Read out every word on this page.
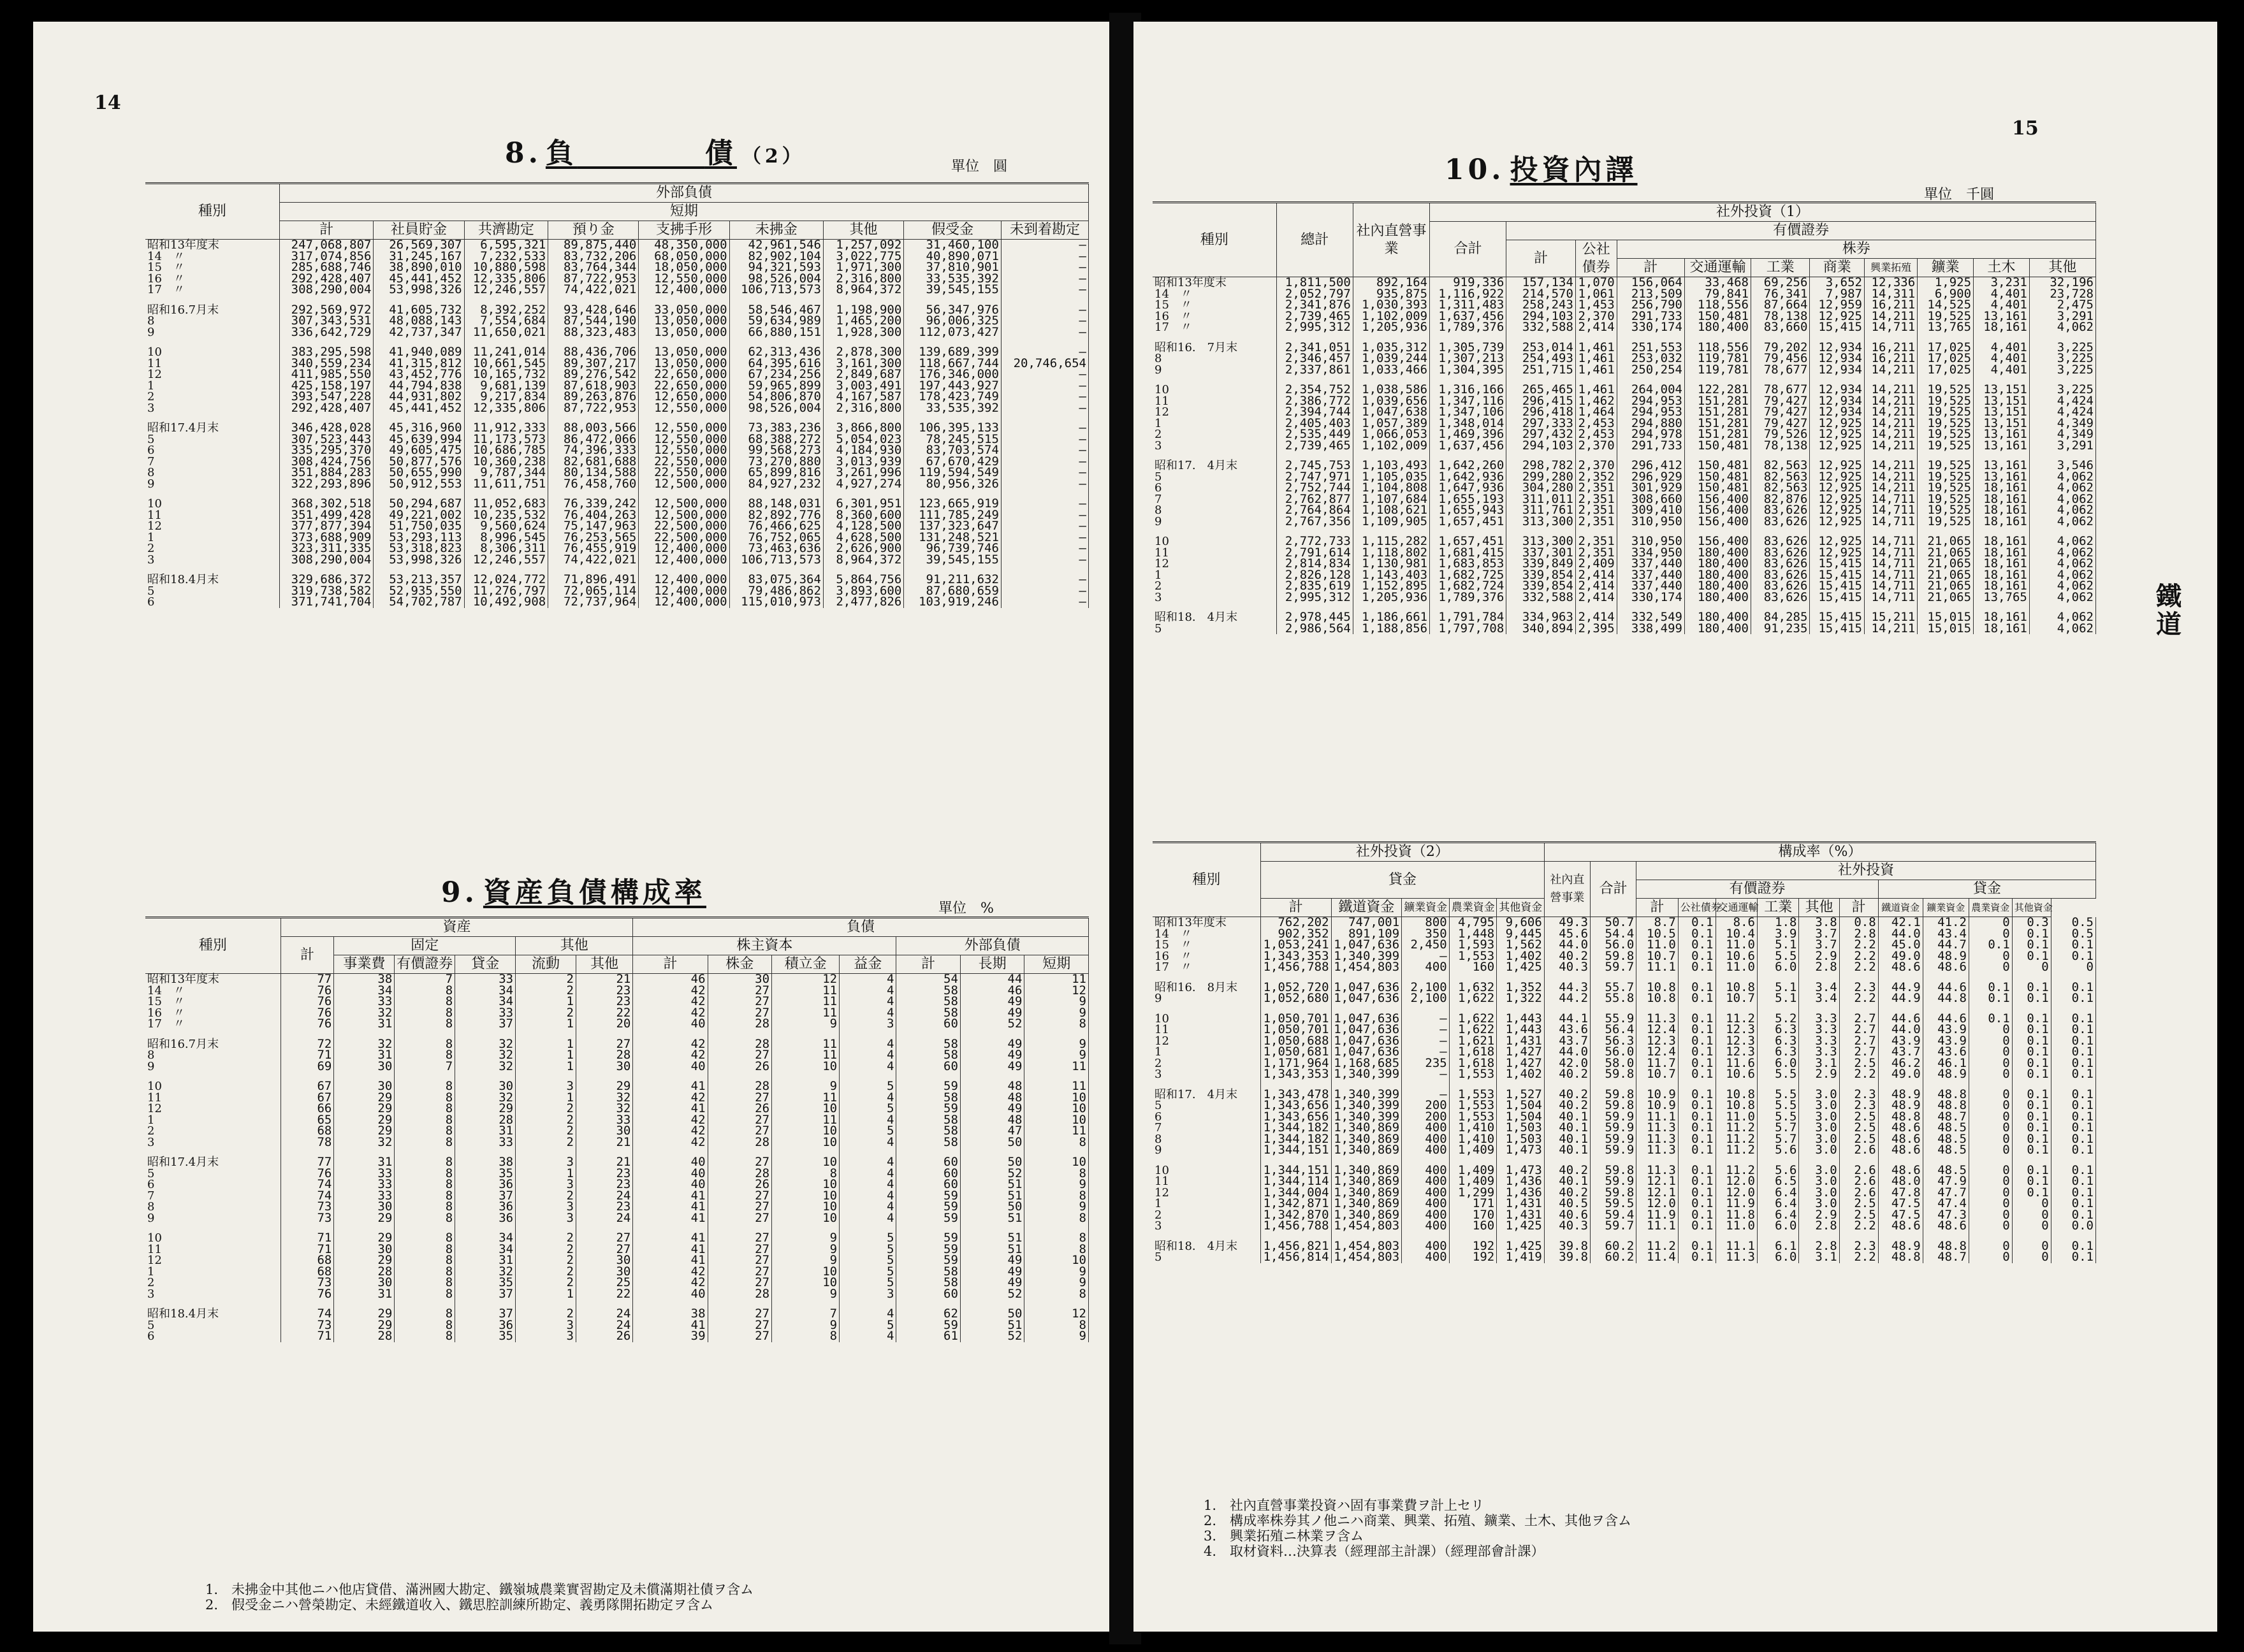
14
8. 負　　　　	債 （2）	單位　圓
種別	外部負債								
	短期								
	計	社員貯金	共濟勘定	預り金	支拂手形	未拂金	其他	假受金	未到着勘定
昭和13年度末	247,068,807	26,569,307	6,595,321	89,875,440	48,350,000	42,961,546	1,257,092	31,460,100	―
14　〃	317,074,856	31,245,167	7,232,533	83,732,206	68,050,000	82,902,104	3,022,775	40,890,071	―
15　〃	285,688,746	38,890,010	10,880,598	83,764,344	18,050,000	94,321,593	1,971,300	37,810,901	―
16　〃	292,428,407	45,441,452	12,335,806	87,722,953	12,550,000	98,526,004	2,316,800	33,535,392	―
17　〃	308,290,004	53,998,326	12,246,557	74,422,021	12,400,000	106,713,573	8,964,372	39,545,155	―

昭和16.7月末	292,569,972	41,605,732	8,392,252	93,428,646	33,050,000	58,546,467	1,198,900	56,347,976	―
8	307,343,531	48,088,143	7,554,684	87,544,190	13,050,000	59,634,989	1,465,200	96,006,325	―
9	336,642,729	42,737,347	11,650,021	88,323,483	13,050,000	66,880,151	1,928,300	112,073,427	―

10	383,295,598	41,940,089	11,241,014	88,436,706	13,050,000	62,313,436	2,878,300	139,689,399	―
11	340,559,234	41,315,812	10,661,545	89,307,217	13,050,000	64,395,616	3,161,300	118,667,744	20,746,654
12	411,985,550	43,452,776	10,165,732	89,276,542	22,650,000	67,234,256	2,849,687	176,346,000	―
1	425,158,197	44,794,838	9,681,139	87,618,903	22,650,000	59,965,899	3,003,491	197,443,927	―
2	393,547,228	44,931,802	9,217,834	89,263,876	12,650,000	54,806,870	4,167,587	178,423,749	―
3	292,428,407	45,441,452	12,335,806	87,722,953	12,550,000	98,526,004	2,316,800	33,535,392	―

昭和17.4月末	346,428,028	45,316,960	11,912,333	88,003,566	12,550,000	73,383,236	3,866,800	106,395,133	―
5	307,523,443	45,639,994	11,173,573	86,472,066	12,550,000	68,388,272	5,054,023	78,245,515	―
6	335,295,370	49,605,475	10,686,785	74,396,333	12,550,000	99,568,273	4,184,930	83,703,574	―
7	308,424,756	50,877,576	10,360,238	82,681,688	22,550,000	73,270,880	3,013,939	67,670,429	―
8	351,884,283	50,655,990	9,787,344	80,134,588	22,550,000	65,899,816	3,261,996	119,594,549	―
9	322,293,896	50,912,553	11,611,751	76,458,760	12,500,000	84,927,232	4,927,274	80,956,326	―

10	368,302,518	50,294,687	11,052,683	76,339,242	12,500,000	88,148,031	6,301,951	123,665,919	―
11	351,499,428	49,221,002	10,235,532	76,404,263	12,500,000	82,892,776	8,360,600	111,785,249	―
12	377,877,394	51,750,035	9,560,624	75,147,963	22,500,000	76,466,625	4,128,500	137,323,647	―
1	373,688,909	53,293,113	8,996,545	76,253,565	22,500,000	76,752,065	4,628,500	131,248,521	―
2	323,311,335	53,318,823	8,306,311	76,455,919	12,400,000	73,463,636	2,626,900	96,739,746	―
3	308,290,004	53,998,326	12,246,557	74,422,021	12,400,000	106,713,573	8,964,372	39,545,155	―

昭和18.4月末	329,686,372	53,213,357	12,024,772	71,896,491	12,400,000	83,075,364	5,864,756	91,211,632	―
5	319,738,582	52,935,550	11,276,797	72,065,114	12,400,000	79,486,862	3,893,600	87,680,659	―
6	371,741,704	54,702,787	10,492,908	72,737,964	12,400,000	115,010,973	2,477,826	103,919,246	―
9. 資産負債構成率	單位　%
種別	資産						負債						
	計	固定			其他		株主資本				外部負債		
		事業費	有價證券	貸金	流動	其他	計	株金	積立金	益金	計	長期	短期
昭和13年度末	77	38	7	33	2	21	46	30	12	4	54	44	11
14　〃	76	34	8	34	2	23	42	27	11	4	58	46	12
15　〃	76	33	8	34	1	23	42	27	11	4	58	49	9
16　〃	76	32	8	33	2	22	42	27	11	4	58	49	9
17　〃	76	31	8	37	1	20	40	28	9	3	60	52	8

昭和16.7月末	72	32	8	32	1	27	42	28	11	4	58	49	9
8	71	31	8	32	1	28	42	27	11	4	58	49	9
9	69	30	7	32	1	30	40	26	10	4	60	49	11

10	67	30	8	30	3	29	41	28	9	5	59	48	11
11	67	29	8	32	1	32	42	27	11	4	58	48	10
12	66	29	8	29	2	32	41	26	10	5	59	49	10
1	65	29	8	28	2	33	42	27	11	4	58	48	10
2	68	29	8	31	2	30	42	27	10	5	58	47	11
3	78	32	8	33	2	21	42	28	10	4	58	50	8

昭和17.4月末	77	31	8	38	3	21	40	27	10	4	60	50	10
5	76	33	8	35	1	23	40	28	8	4	60	52	8
6	74	33	8	36	3	23	40	26	10	4	60	51	9
7	74	33	8	37	2	24	41	27	10	4	59	51	8
8	73	30	8	36	3	23	41	27	10	4	59	50	9
9	73	29	8	36	3	24	41	27	10	4	59	51	8

10	71	29	8	34	2	27	41	27	9	5	59	51	8
11	71	30	8	34	2	27	41	27	9	5	59	51	8
12	68	29	8	31	2	30	41	27	9	5	59	49	10
1	68	28	8	32	2	30	42	27	10	5	58	49	9
2	73	30	8	35	2	25	42	27	10	5	58	49	9
3	76	31	8	37	1	22	40	28	9	3	60	52	8

昭和18.4月末	74	29	8	37	2	24	38	27	7	4	62	50	12
5	73	29	8	36	3	24	41	27	9	5	59	51	8
6	71	28	8	35	3	26	39	27	8	4	61	52	9
1.　未拂金中其他ニハ他店貸借、滿洲國大勘定、鐵嶺城農業實習勘定及未償滿期社債ヲ含ム
2.　假受金ニハ營榮勘定、未經鐵道收入、鐵思腔訓練所勘定、義勇隊開拓勘定ヲ含ム
15
10. 投資內譯
單位　千圓
種別	總計	社內直營事業	社外投資（1）										
			合計	有價證券									
				計	公社債券	株券							
						計	交通運輸	工業	商業	興業拓殖	鑛業	土木	其他
昭和13年度末	1,811,500	892,164	919,336	157,134	1,070	156,064	33,468	69,256	3,652	12,336	1,925	3,231	32,196
14　〃	2,052,797	935,875	1,116,922	214,570	1,061	213,509	79,841	76,341	7,987	14,311	6,900	4,401	23,728
15　〃	2,341,876	1,030,393	1,311,483	258,243	1,453	256,790	118,556	87,664	12,959	16,211	14,525	4,401	2,475
16　〃	2,739,465	1,102,009	1,637,456	294,103	2,370	291,733	150,481	78,138	12,925	14,211	19,525	13,161	3,291
17　〃	2,995,312	1,205,936	1,789,376	332,588	2,414	330,174	180,400	83,660	15,415	14,711	13,765	18,161	4,062

昭和16.　7月末	2,341,051	1,035,312	1,305,739	253,014	1,461	251,553	118,556	79,202	12,934	16,211	17,025	4,401	3,225
8	2,346,457	1,039,244	1,307,213	254,493	1,461	253,032	119,781	79,456	12,934	16,211	17,025	4,401	3,225
9	2,337,861	1,033,466	1,304,395	251,715	1,461	250,254	119,781	78,677	12,934	14,211	17,025	4,401	3,225

10	2,354,752	1,038,586	1,316,166	265,465	1,461	264,004	122,281	78,677	12,934	14,211	19,525	13,151	3,225
11	2,386,772	1,039,656	1,347,116	296,415	1,462	294,953	151,281	79,427	12,934	14,211	19,525	13,151	4,424
12	2,394,744	1,047,638	1,347,106	296,418	1,464	294,953	151,281	79,427	12,934	14,211	19,525	13,151	4,424
1	2,405,403	1,057,389	1,348,014	297,333	2,453	294,880	151,281	79,427	12,925	14,211	19,525	13,151	4,349
2	2,535,449	1,066,053	1,469,396	297,432	2,453	294,978	151,281	79,526	12,925	14,211	19,525	13,161	4,349
3	2,739,465	1,102,009	1,637,456	294,103	2,370	291,733	150,481	78,138	12,925	14,211	19,525	13,161	3,291

昭和17.　4月末	2,745,753	1,103,493	1,642,260	298,782	2,370	296,412	150,481	82,563	12,925	14,211	19,525	13,161	3,546
5	2,747,971	1,105,035	1,642,936	299,280	2,352	296,929	150,481	82,563	12,925	14,211	19,525	13,161	4,062
6	2,752,744	1,104,808	1,647,936	304,280	2,351	301,929	150,481	82,563	12,925	14,211	19,525	18,161	4,062
7	2,762,877	1,107,684	1,655,193	311,011	2,351	308,660	156,400	82,876	12,925	14,711	19,525	18,161	4,062
8	2,764,864	1,108,621	1,655,943	311,761	2,351	309,410	156,400	83,626	12,925	14,711	19,525	18,161	4,062
9	2,767,356	1,109,905	1,657,451	313,300	2,351	310,950	156,400	83,626	12,925	14,711	19,525	18,161	4,062

10	2,772,733	1,115,282	1,657,451	313,300	2,351	310,950	156,400	83,626	12,925	14,711	21,065	18,161	4,062
11	2,791,614	1,118,802	1,681,415	337,301	2,351	334,950	180,400	83,626	12,925	14,711	21,065	18,161	4,062
12	2,814,834	1,130,981	1,683,853	339,849	2,409	337,440	180,400	83,626	15,415	14,711	21,065	18,161	4,062
1	2,826,128	1,143,403	1,682,725	339,854	2,414	337,440	180,400	83,626	15,415	14,711	21,065	18,161	4,062
2	2,835,619	1,152,895	1,682,724	339,854	2,414	337,440	180,400	83,626	15,415	14,711	21,065	18,161	4,062
3	2,995,312	1,205,936	1,789,376	332,588	2,414	330,174	180,400	83,626	15,415	14,711	21,065	13,765	4,062

昭和18.　4月末	2,978,445	1,186,661	1,791,784	334,963	2,414	332,549	180,400	84,285	15,415	15,211	15,015	18,161	4,062
5	2,986,564	1,188,856	1,797,708	340,894	2,395	338,499	180,400	91,235	15,415	14,211	15,015	18,161	4,062
種別	社外投資（2）					構成率（%）												
	貸金					社內直營事業	合計	社外投資										
								有價證券						貸金				
	計	鐵道資金	鑛業資金	農業資金	其他資金			計	公社債券	交通運輸	工業	其他	計	鐵道資金	鑛業資金	農業資金	其他資金	
昭和13年度末	762,202	747,001	800	4,795	9,606	49.3	50.7	8.7	0.1	8.6	1.8	3.8	0.8	42.1	41.2	0	0.3	0.5
14　〃	902,352	891,109	350	1,448	9,445	45.6	54.4	10.5	0.1	10.4	3.9	3.7	2.8	44.0	43.4	0	0.1	0.5
15　〃	1,053,241	1,047,636	2,450	1,593	1,562	44.0	56.0	11.0	0.1	11.0	5.1	3.7	2.2	45.0	44.7	0.1	0.1	0.1
16　〃	1,343,353	1,340,399	―	1,553	1,402	40.2	59.8	10.7	0.1	10.6	5.5	2.9	2.2	49.0	48.9	0	0.1	0.1
17　〃	1,456,788	1,454,803	400	160	1,425	40.3	59.7	11.1	0.1	11.0	6.0	2.8	2.2	48.6	48.6	0	0	0

昭和16.　8月末	1,052,720	1,047,636	2,100	1,632	1,352	44.3	55.7	10.8	0.1	10.8	5.1	3.4	2.3	44.9	44.6	0.1	0.1	0.1
9	1,052,680	1,047,636	2,100	1,622	1,322	44.2	55.8	10.8	0.1	10.7	5.1	3.4	2.2	44.9	44.8	0.1	0.1	0.1

10	1,050,701	1,047,636	―	1,622	1,443	44.1	55.9	11.3	0.1	11.2	5.2	3.3	2.7	44.6	44.6	0.1	0.1	0.1
11	1,050,701	1,047,636	―	1,622	1,443	43.6	56.4	12.4	0.1	12.3	6.3	3.3	2.7	44.0	43.9	0	0.1	0.1
12	1,050,688	1,047,636	―	1,621	1,431	43.7	56.3	12.3	0.1	12.3	6.3	3.3	2.7	43.9	43.9	0	0.1	0.1
1	1,050,681	1,047,636	―	1,618	1,427	44.0	56.0	12.4	0.1	12.3	6.3	3.3	2.7	43.7	43.6	0	0.1	0.1
2	1,171,964	1,168,685	235	1,618	1,427	42.0	58.0	11.7	0.1	11.6	6.0	3.1	2.5	46.2	46.1	0	0.1	0.1
3	1,343,353	1,340,399	―	1,553	1,402	40.2	59.8	10.7	0.1	10.6	5.5	2.9	2.2	49.0	48.9	0	0.1	0.1

昭和17.　4月末	1,343,478	1,340,399	―	1,553	1,527	40.2	59.8	10.9	0.1	10.8	5.5	3.0	2.3	48.9	48.8	0	0.1	0.1
5	1,343,656	1,340,399	200	1,553	1,504	40.2	59.8	10.9	0.1	10.8	5.5	3.0	2.3	48.9	48.8	0	0.1	0.1
6	1,343,656	1,340,399	200	1,553	1,504	40.1	59.9	11.1	0.1	11.0	5.5	3.0	2.5	48.8	48.7	0	0.1	0.1
7	1,344,182	1,340,869	400	1,410	1,503	40.1	59.9	11.3	0.1	11.2	5.7	3.0	2.5	48.6	48.5	0	0.1	0.1
8	1,344,182	1,340,869	400	1,410	1,503	40.1	59.9	11.3	0.1	11.2	5.7	3.0	2.5	48.6	48.5	0	0.1	0.1
9	1,344,151	1,340,869	400	1,409	1,473	40.1	59.9	11.3	0.1	11.2	5.6	3.0	2.6	48.6	48.5	0	0.1	0.1

10	1,344,151	1,340,869	400	1,409	1,473	40.2	59.8	11.3	0.1	11.2	5.6	3.0	2.6	48.6	48.5	0	0.1	0.1
11	1,344,114	1,340,869	400	1,409	1,436	40.1	59.9	12.1	0.1	12.0	6.5	3.0	2.6	48.0	47.9	0	0.1	0.1
12	1,344,004	1,340,869	400	1,299	1,436	40.2	59.8	12.1	0.1	12.0	6.4	3.0	2.6	47.8	47.7	0	0.1	0.1
1	1,342,871	1,340,869	400	171	1,431	40.5	59.5	12.0	0.1	11.9	6.4	3.0	2.5	47.5	47.4	0	0	0.1
2	1,342,870	1,340,869	400	170	1,431	40.6	59.4	11.9	0.1	11.8	6.4	2.9	2.5	47.5	47.3	0	0	0.1
3	1,456,788	1,454,803	400	160	1,425	40.3	59.7	11.1	0.1	11.0	6.0	2.8	2.2	48.6	48.6	0	0	0.0

昭和18.　4月末	1,456,821	1,454,803	400	192	1,425	39.8	60.2	11.2	0.1	11.1	6.1	2.8	2.3	48.9	48.8	0	0	0.1
5	1,456,814	1,454,803	400	192	1,419	39.8	60.2	11.4	0.1	11.3	6.0	3.1	2.2	48.8	48.7	0	0	0.1
1.　社內直營事業投資ハ固有事業費ヲ計上セリ
2.　構成率株券其ノ他ニハ商業、興業、拓殖、鑛業、土木、其他ヲ含ム
3.　興業拓殖ニ林業ヲ含ム
4.　取材資料…決算表（經理部主計課）（經理部會計課）
鐵
道
